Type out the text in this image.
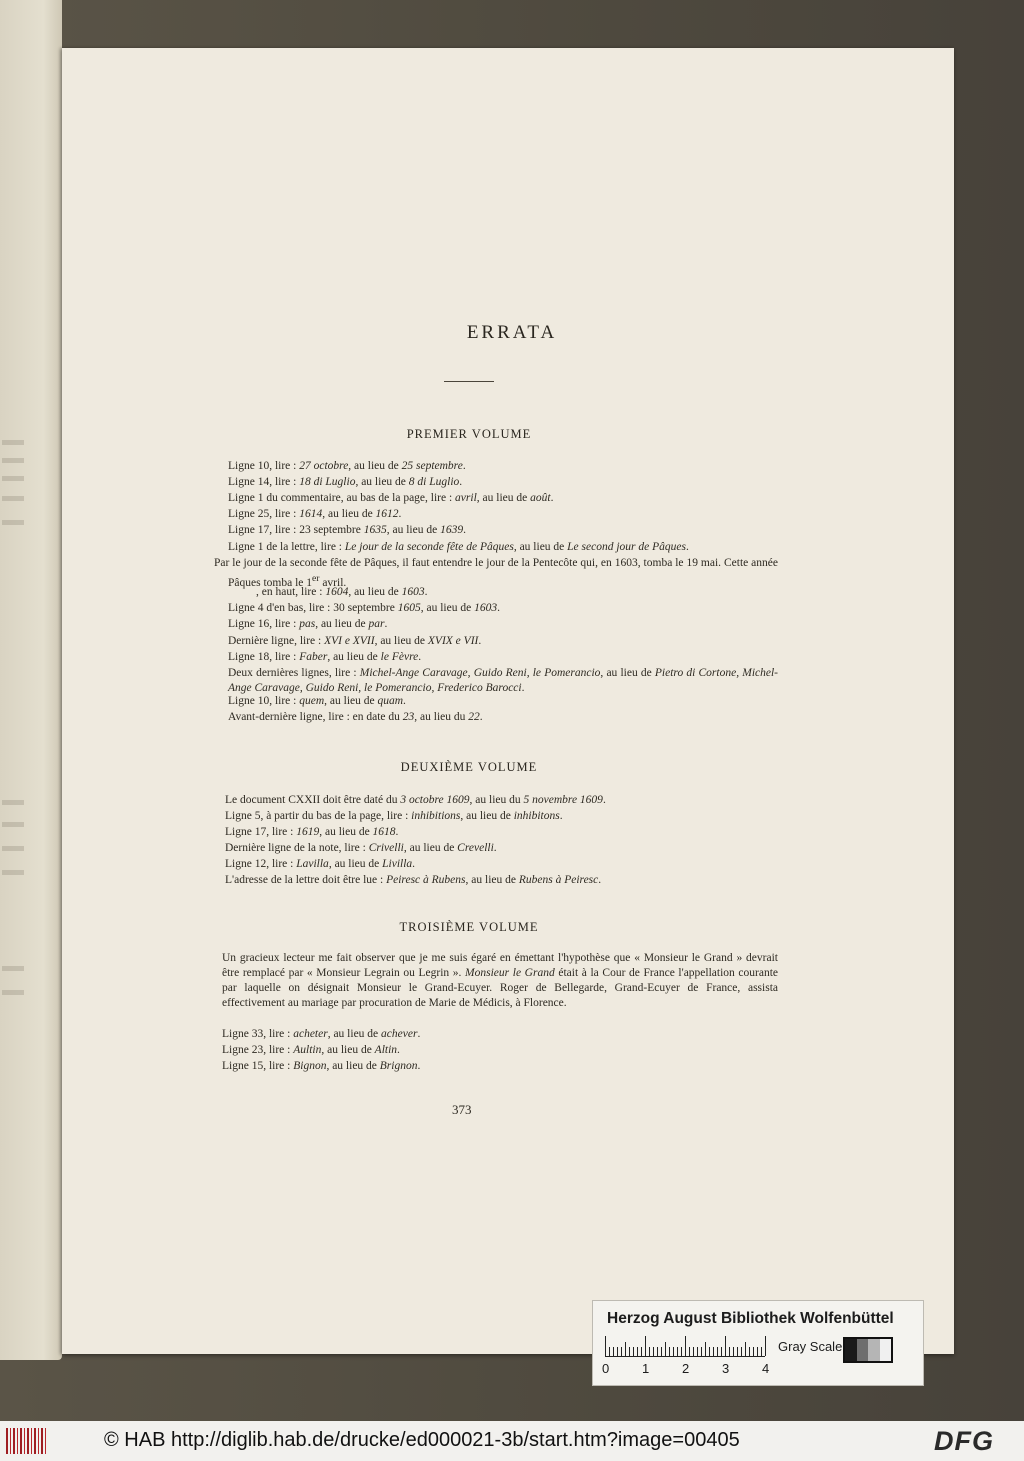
ERRATA
PREMIER VOLUME
Ligne 10, lire : 27 octobre, au lieu de 25 septembre.
Ligne 14, lire : 18 di Luglio, au lieu de 8 di Luglio.
Ligne 1 du commentaire, au bas de la page, lire : avril, au lieu de août.
Ligne 25, lire : 1614, au lieu de 1612.
Ligne 17, lire : 23 septembre 1635, au lieu de 1639.
Ligne 1 de la lettre, lire : Le jour de la seconde fête de Pâques, au lieu de Le second jour de Pâques.
Par le jour de la seconde fête de Pâques, il faut entendre le jour de la Pentecôte qui, en 1603, tomba le 19 mai. Cette année Pâques tomba le 1er avril.
, en haut, lire : 1604, au lieu de 1603.
Ligne 4 d'en bas, lire : 30 septembre 1605, au lieu de 1603.
Ligne 16, lire : pas, au lieu de par.
Dernière ligne, lire : XVI e XVII, au lieu de XVIX e VII.
Ligne 18, lire : Faber, au lieu de le Fèvre.
Deux dernières lignes, lire : Michel-Ange Caravage, Guido Reni, le Pomerancio, au lieu de Pietro di Cortone, Michel-Ange Caravage, Guido Reni, le Pomerancio, Frederico Barocci.
Ligne 10, lire : quem, au lieu de quam.
Avant-dernière ligne, lire : en date du 23, au lieu du 22.
DEUXIÈME VOLUME
Le document CXXII doit être daté du 3 octobre 1609, au lieu du 5 novembre 1609.
Ligne 5, à partir du bas de la page, lire : inhibitions, au lieu de inhibitons.
Ligne 17, lire : 1619, au lieu de 1618.
Dernière ligne de la note, lire : Crivelli, au lieu de Crevelli.
Ligne 12, lire : Lavilla, au lieu de Livilla.
L'adresse de la lettre doit être lue : Peiresc à Rubens, au lieu de Rubens à Peiresc.
TROISIÈME VOLUME
Un gracieux lecteur me fait observer que je me suis égaré en émettant l'hypothèse que « Monsieur le Grand » devrait être remplacé par « Monsieur Legrain ou Legrin ». Monsieur le Grand était à la Cour de France l'appellation courante par laquelle on désignait Monsieur le Grand-Ecuyer. Roger de Bellegarde, Grand-Ecuyer de France, assista effectivement au mariage par procuration de Marie de Médicis, à Florence.
Ligne 33, lire : acheter, au lieu de achever.
Ligne 23, lire : Aultin, au lieu de Altin.
Ligne 15, lire : Bignon, au lieu de Brignon.
373
Herzog August Bibliothek Wolfenbüttel
Gray Scale
0	1	2	3	4
© HAB http://diglib.hab.de/drucke/ed000021-3b/start.htm?image=00405	DFG
